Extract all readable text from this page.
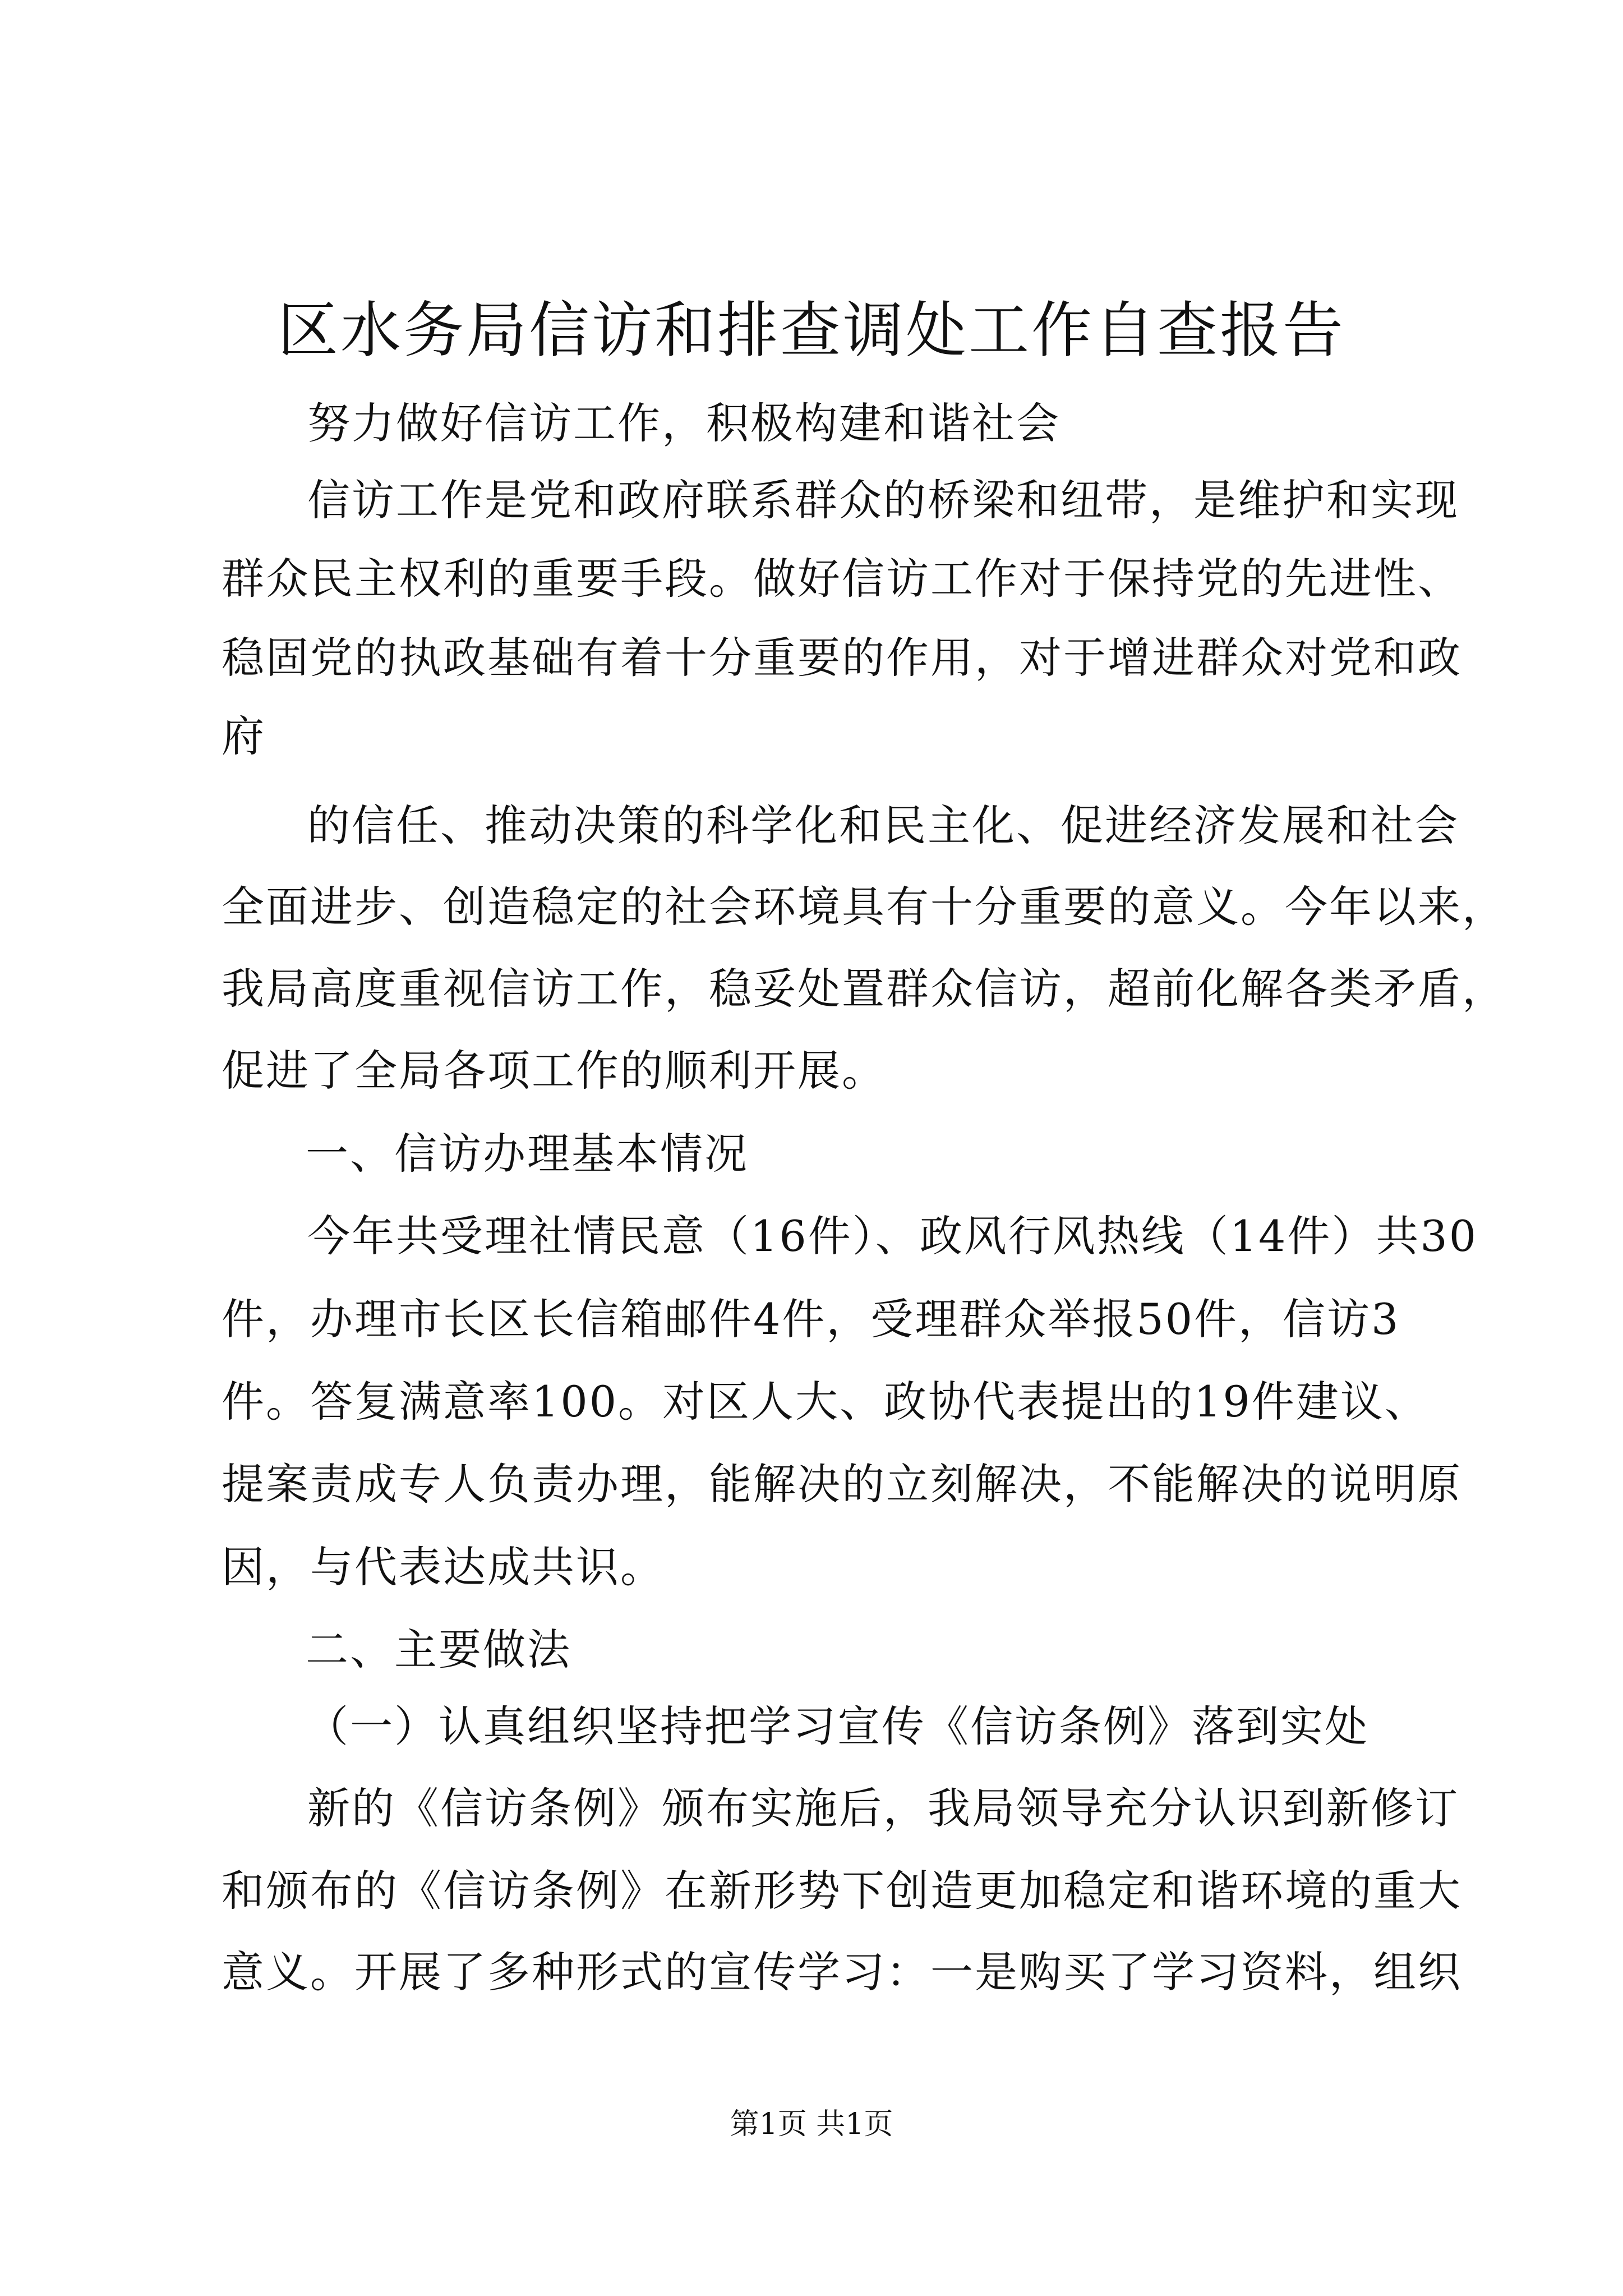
区水务局信访和排查调处工作自查报告

努力做好信访工作，积极构建和谐社会

信访工作是党和政府联系群众的桥梁和纽带，是维护和实现

群众民主权利的重要手段。做好信访工作对于保持党的先进性、

稳固党的执政基础有着十分重要的作用，对于增进群众对党和政

府

的信任、推动决策的科学化和民主化、促进经济发展和社会

全面进步、创造稳定的社会环境具有十分重要的意义。今年以来，

我局高度重视信访工作，稳妥处置群众信访，超前化解各类矛盾，

促进了全局各项工作的顺利开展。

一、信访办理基本情况

今年共受理社情民意（16件）、政风行风热线（14件）共30

件，办理市长区长信箱邮件4件，受理群众举报50件，信访3

件。答复满意率100。对区人大、政协代表提出的19件建议、

提案责成专人负责办理，能解决的立刻解决，不能解决的说明原

因，与代表达成共识。

二、主要做法

（一）认真组织坚持把学习宣传《信访条例》落到实处

新的《信访条例》颁布实施后，我局领导充分认识到新修订

和颁布的《信访条例》在新形势下创造更加稳定和谐环境的重大

意义。开展了多种形式的宣传学习：一是购买了学习资料，组织

第1页 共1页
